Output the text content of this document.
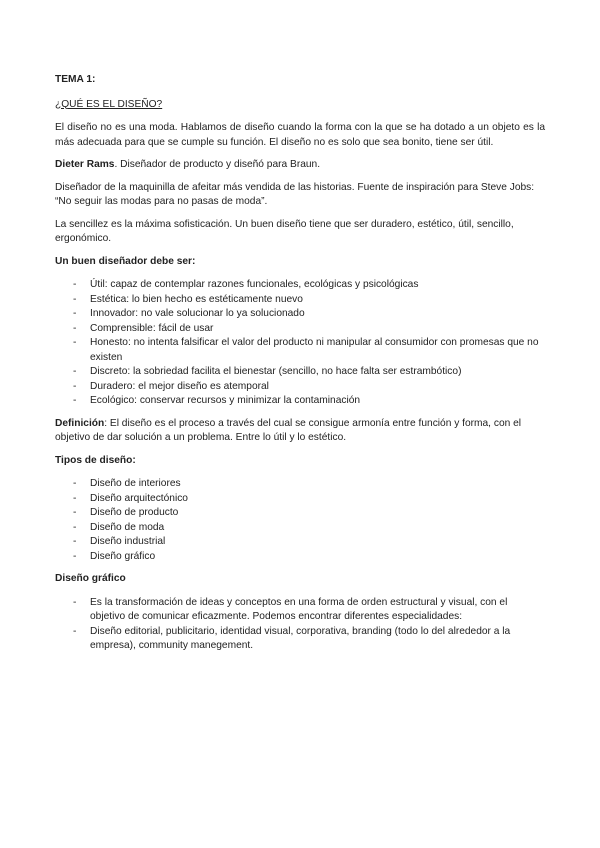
TEMA 1:

¿QUÉ ES EL DISEÑO?

El diseño no es una moda. Hablamos de diseño cuando la forma con la que se ha dotado a un objeto es la más adecuada para que se cumple su función. El diseño no es solo que sea bonito, tiene ser útil.

Dieter Rams. Diseñador de producto y diseñó para Braun.

Diseñador de la maquinilla de afeitar más vendida de las historias. Fuente de inspiración para Steve Jobs: “No seguir las modas para no pasas de moda”.

La sencillez es la máxima sofisticación. Un buen diseño tiene que ser duradero, estético, útil, sencillo, ergonómico.

Un buen diseñador debe ser:

- Útil: capaz de contemplar razones funcionales, ecológicas y psicológicas
- Estética: lo bien hecho es estéticamente nuevo
- Innovador: no vale solucionar lo ya solucionado
- Comprensible: fácil de usar
- Honesto: no intenta falsificar el valor del producto ni manipular al consumidor con promesas que no existen
- Discreto: la sobriedad facilita el bienestar (sencillo, no hace falta ser estrambótico)
- Duradero: el mejor diseño es atemporal
- Ecológico: conservar recursos y minimizar la contaminación

Definición: El diseño es el proceso a través del cual se consigue armonía entre función y forma, con el objetivo de dar solución a un problema. Entre lo útil y lo estético.

Tipos de diseño:

- Diseño de interiores
- Diseño arquitectónico
- Diseño de producto
- Diseño de moda
- Diseño industrial
- Diseño gráfico

Diseño gráfico

- Es la transformación de ideas y conceptos en una forma de orden estructural y visual, con el objetivo de comunicar eficazmente. Podemos encontrar diferentes especialidades:
- Diseño editorial, publicitario, identidad visual, corporativa, branding (todo lo del alrededor a la empresa), community manegement.
